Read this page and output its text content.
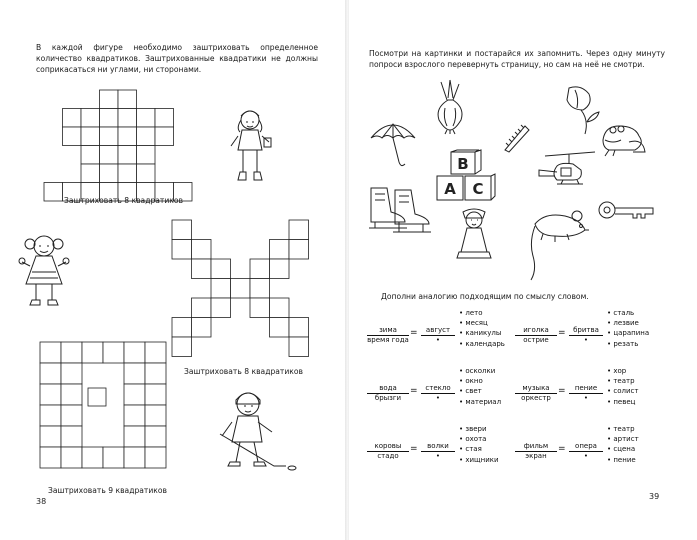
В каждой фигуре необходимо заштриховать определенное количество квадратиков. Заштрихованные квадратики не должны соприкасаться ни углами, ни сторонами.
Заштриховать 8 квадратиков
Заштриховать 8 квадратиков
Заштриховать 9 квадратиков
38
Посмотри на картинки и постарайся их запомнить. Через одну минуту попроси взрослого перевернуть страницу, но сам на неё не смотри.
B
A C
Дополни аналогию подходящим по смыслу словом.
зима
время года
=	август
•
• лето
• месяц
• каникулы
• календарь
иголка
острие
=	бритва
•
• сталь
• лезвие
• царапина
• резать
вода
брызги
=	стекло
•
• осколки
• окно
• свет
• материал
музыка
оркестр
=	пение
•
• хор
• театр
• солист
• певец
коровы
стадо
=	волки
•
• звери
• охота
• стая
• хищники
фильм
экран
=	опера
•
• театр
• артист
• сцена
• пение
39
